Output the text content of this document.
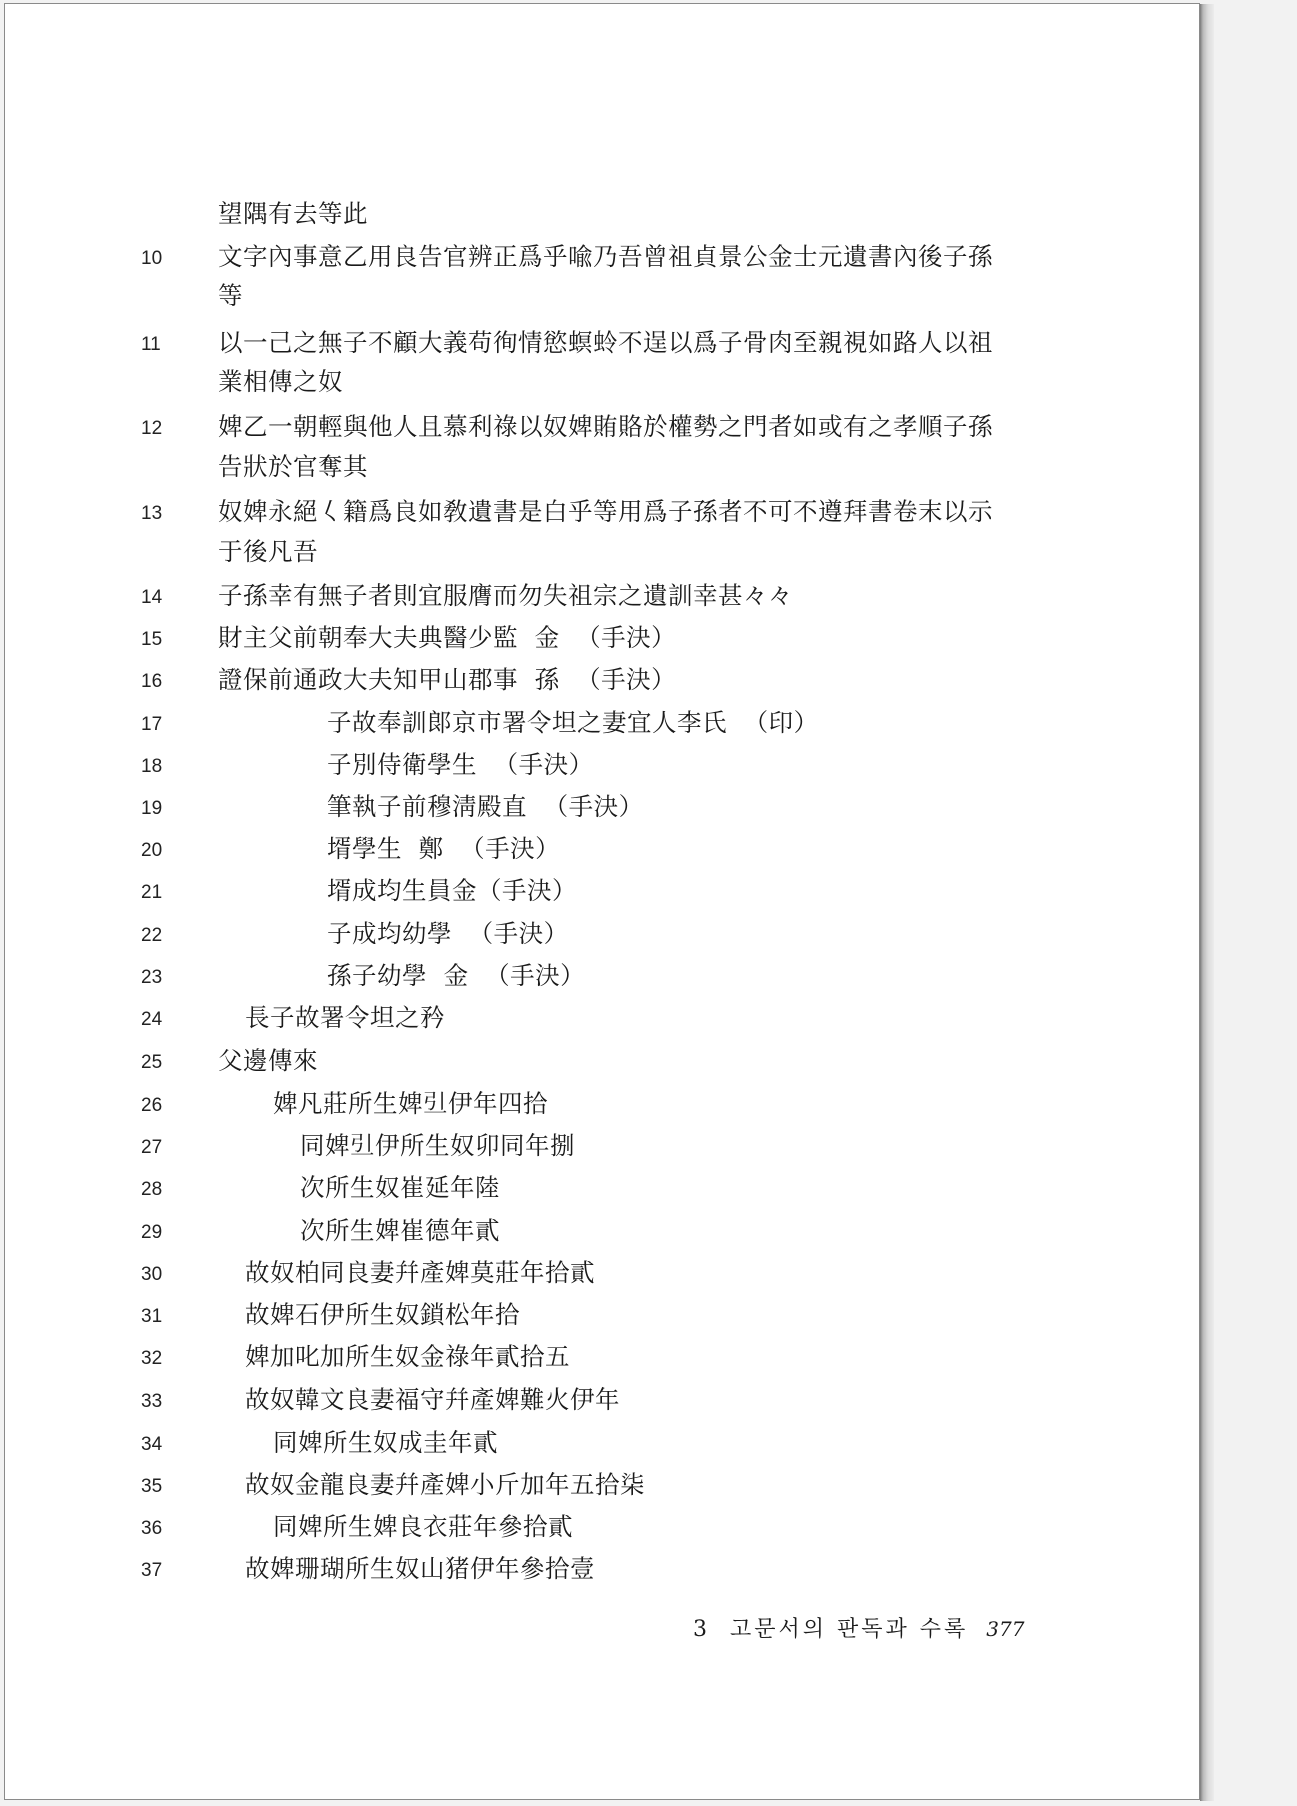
望隅有去等此
10	文字內事意乙用良告官辨正爲乎喩乃吾曾祖貞景公金士元遺書內後子孫
等
11	以一己之無子不顧大義苟徇情慾螟蛉不逞以爲子骨肉至親視如路人以祖
業相傳之奴
12	婢乙一朝輕與他人且慕利祿以奴婢賄賂於權勢之門者如或有之孝順子孫
告狀於官奪其
13	奴婢永絕𡿨籍爲良如敎遺書是白乎等用爲子孫者不可不遵拜書卷末以示
于後凡吾
14	子孫幸有無子者則宜服膺而勿失祖宗之遺訓幸甚々々
15	財主父前朝奉大夫典醫少監  金  （手決）
16	證保前通政大夫知甲山郡事  孫  （手決）
17	子故奉訓郞京市署令坦之妻宜人李氏  （印）
18	子別侍衛學生  （手決）
19	筆執子前穆淸殿直  （手決）
20	壻學生  鄭  （手決）
21	壻成均生員金（手決）
22	子成均幼學  （手決）
23	孫子幼學  金  （手決）
24	長子故署令坦之矜
25	父邊傳來
26	婢凡莊所生婢𠀓伊年四拾
27	同婢𠀓伊所生奴卯同年捌
28	次所生奴崔延年陸
29	次所生婢崔德年貳
30	故奴柏同良妻幷產婢莫莊年拾貳
31	故婢石伊所生奴鎖松年拾
32	婢加叱加所生奴金祿年貳拾五
33	故奴韓文良妻福守幷產婢難火伊年
34	同婢所生奴成圭年貳
35	故奴金龍良妻幷產婢小斤加年五拾柒
36	同婢所生婢良衣莊年參拾貳
37	故婢珊瑚所生奴山猪伊年參拾壹
3  고문서의 판독과 수록 377
